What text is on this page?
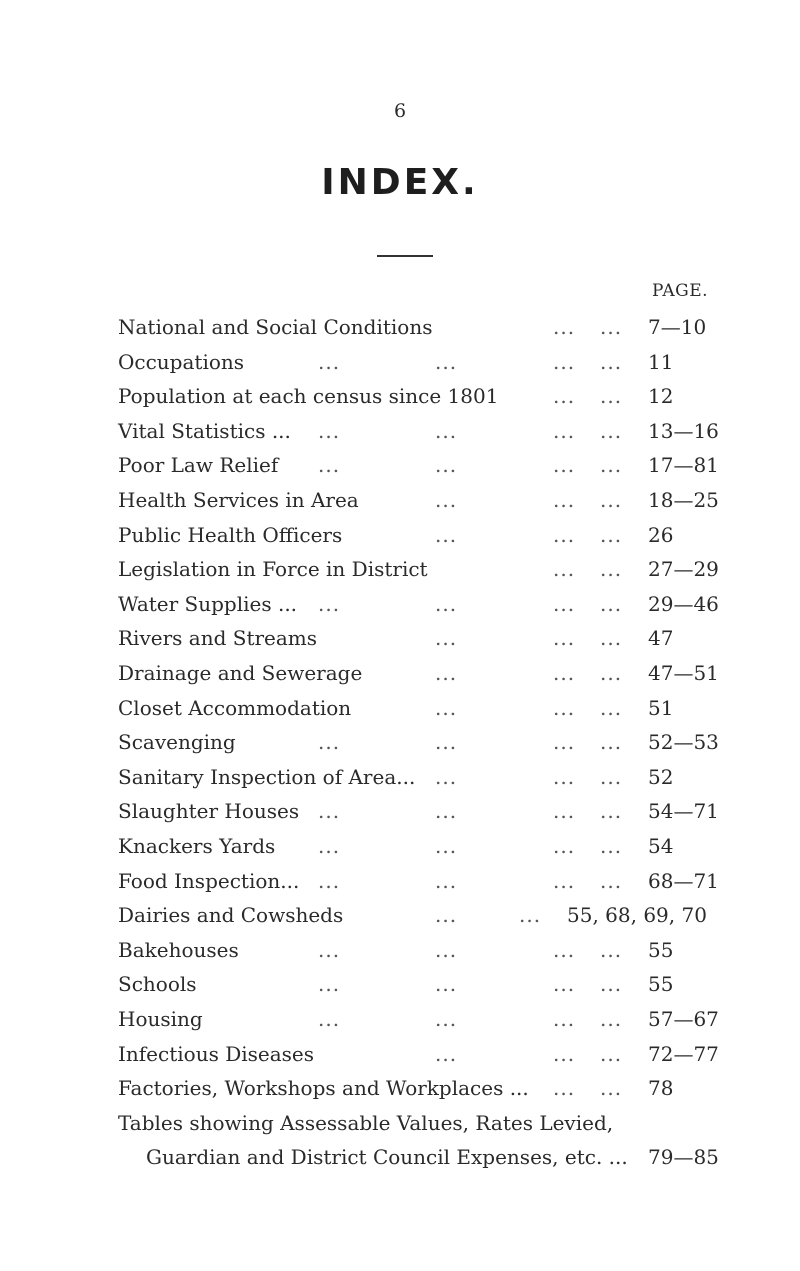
6
INDEX.
PAGE.
National and Social Conditions	7—10
... ...
Occupations	11
...	...	... ...
Population at each census since 1801	12
... ...
Vital Statistics ...	13—16
...	...	... ...
Poor Law Relief	17—81
...	...	... ...
Health Services in Area	18—25
...	... ...
Public Health Officers	26
...	... ...
Legislation in Force in District	27—29
... ...
Water Supplies ...	29—46
...	...	... ...
Rivers and Streams	47
...	... ...
Drainage and Sewerage	47—51
...	... ...
Closet Accommodation	51
...	... ...
Scavenging	52—53
...	...	... ...
Sanitary Inspection of Area...	52
...	... ...
Slaughter Houses	54—71
...	...	... ...
Knackers Yards	54
...	...	... ...
Food Inspection...	68—71
...	...	... ...
Dairies and Cowsheds	55, 68, 69, 70
...	...
Bakehouses	55
...	...	... ...
Schools	55
...	...	... ...
Housing	57—67
...	...	... ...
Infectious Diseases	72—77
...	... ...
Factories, Workshops and Workplaces ...	78
... ...
Tables showing Assessable Values, Rates Levied,
Guardian and District Council Expenses, etc. ... 79—85
